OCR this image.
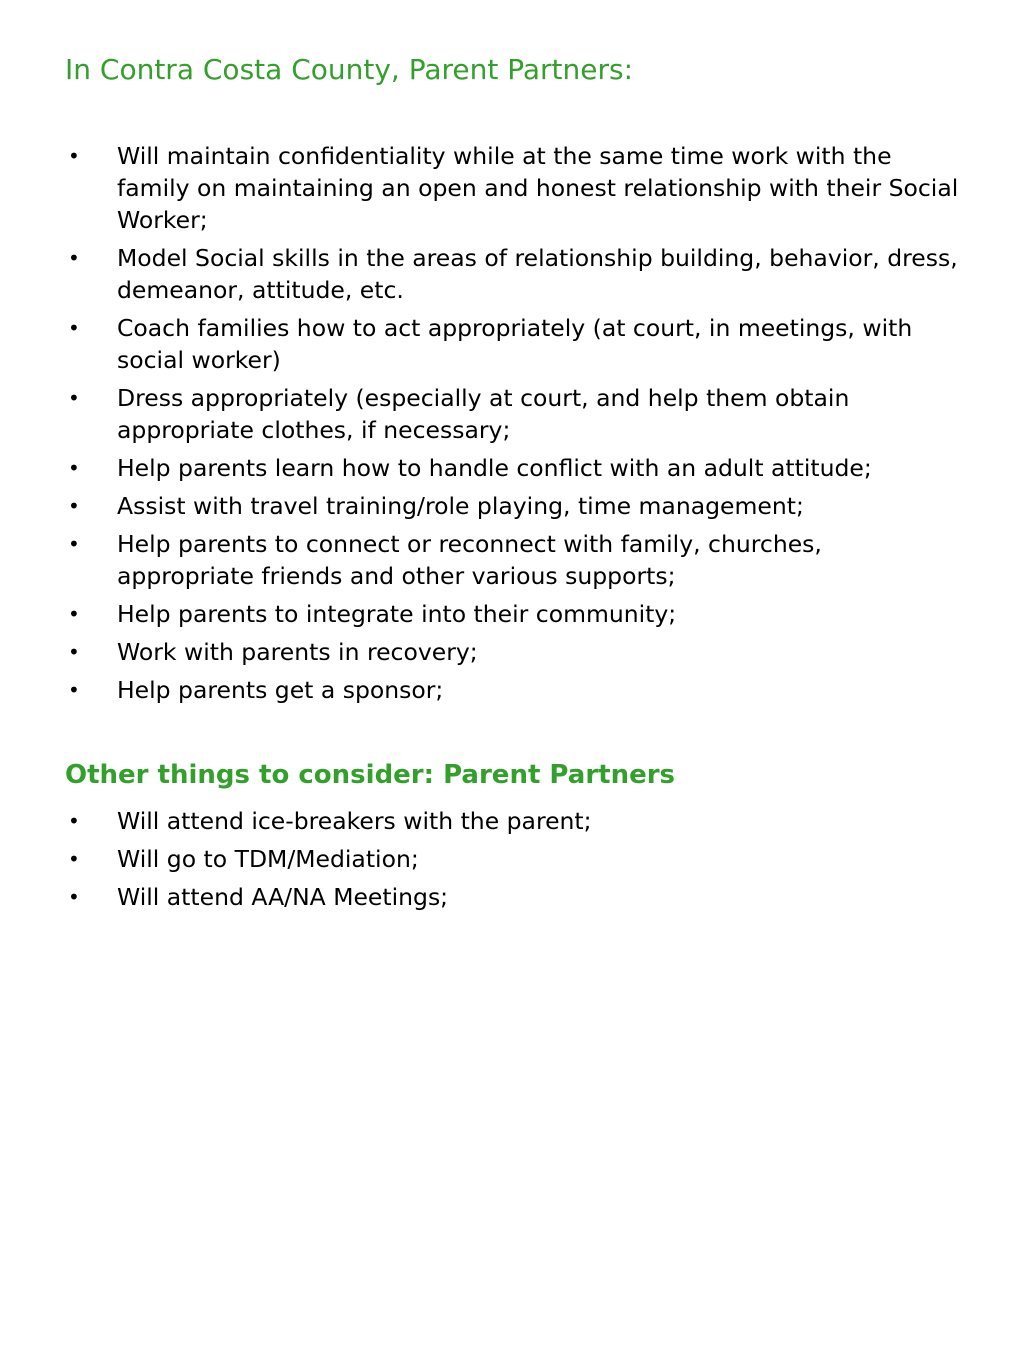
In Contra Costa County, Parent Partners:
• Will maintain confidentiality while at the same time work with the family on maintaining an open and honest relationship with their Social Worker;
• Model Social skills in the areas of relationship building, behavior, dress, demeanor, attitude, etc.
• Coach families how to act appropriately (at court, in meetings, with social worker)
• Dress appropriately (especially at court, and help them obtain appropriate clothes, if necessary;
• Help parents learn how to handle conflict with an adult attitude;
• Assist with travel training/role playing, time management;
• Help parents to connect or reconnect with family, churches, appropriate friends and other various supports;
• Help parents to integrate into their community;
• Work with parents in recovery;
• Help parents get a sponsor;
Other things to consider: Parent Partners
• Will attend ice-breakers with the parent;
• Will go to TDM/Mediation;
• Will attend AA/NA Meetings;
